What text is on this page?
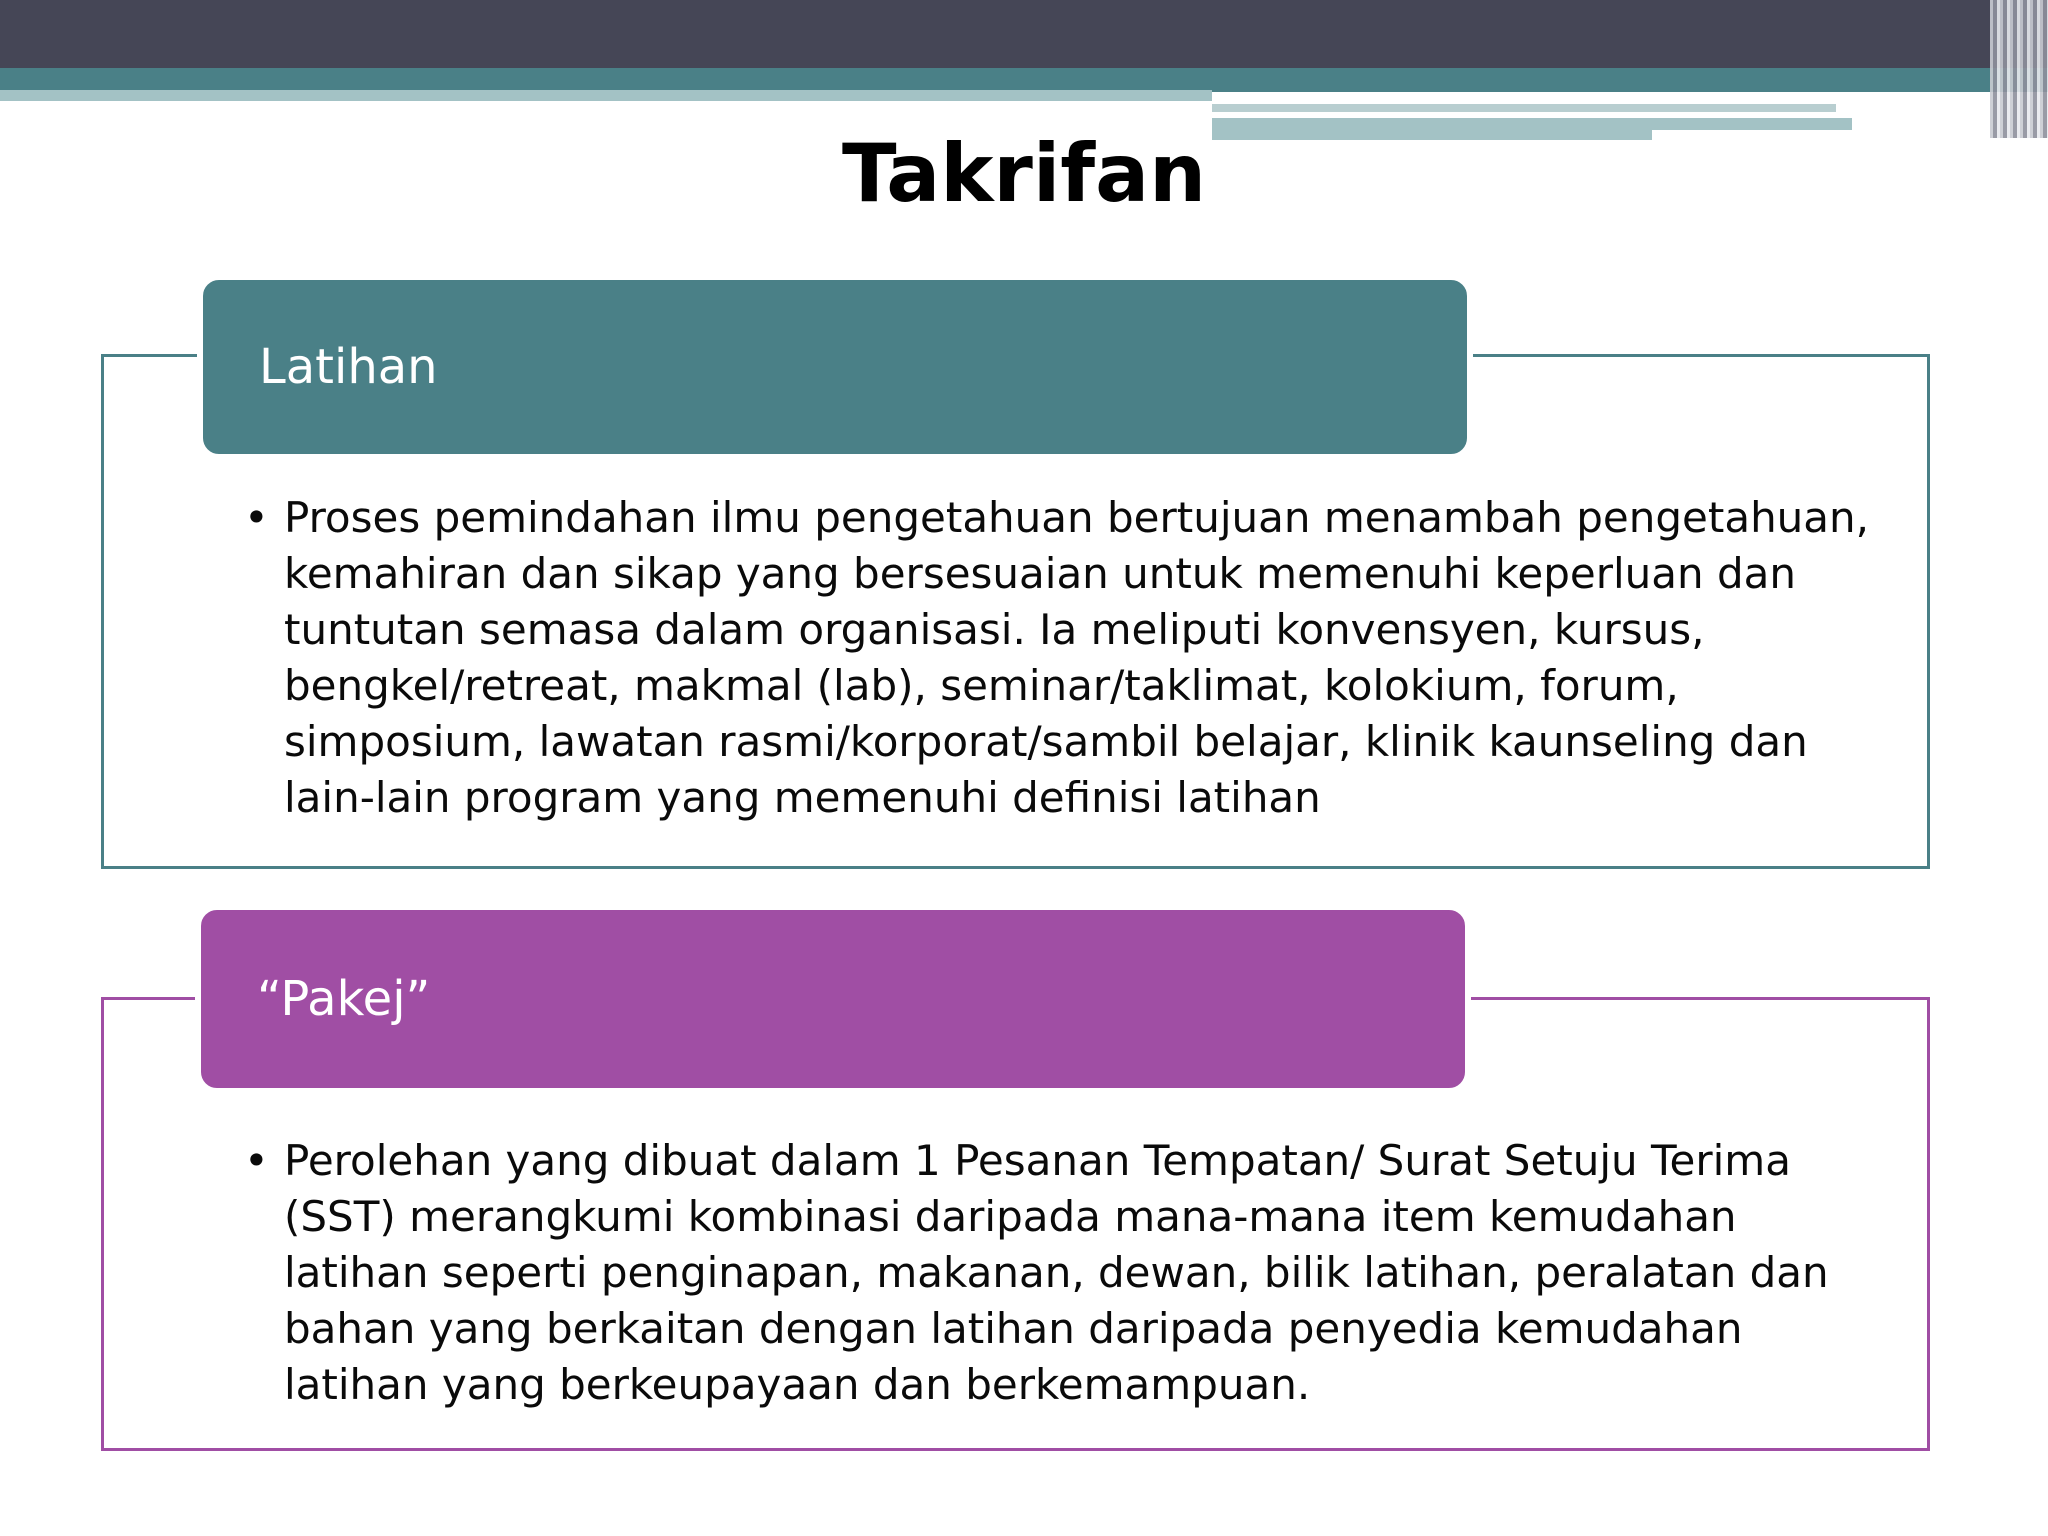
Takrifan
Latihan
• Proses pemindahan ilmu pengetahuan bertujuan menambah pengetahuan, kemahiran dan sikap yang bersesuaian untuk memenuhi keperluan dan tuntutan semasa dalam organisasi. Ia meliputi konvensyen, kursus, bengkel/retreat, makmal (lab), seminar/taklimat, kolokium, forum, simposium, lawatan rasmi/korporat/sambil belajar, klinik kaunseling dan lain-lain program yang memenuhi definisi latihan
“Pakej”
• Perolehan yang dibuat dalam 1 Pesanan Tempatan/ Surat Setuju Terima (SST) merangkumi kombinasi daripada mana-mana item kemudahan latihan seperti penginapan, makanan, dewan, bilik latihan, peralatan dan bahan yang berkaitan dengan latihan daripada penyedia kemudahan latihan yang berkeupayaan dan berkemampuan.
